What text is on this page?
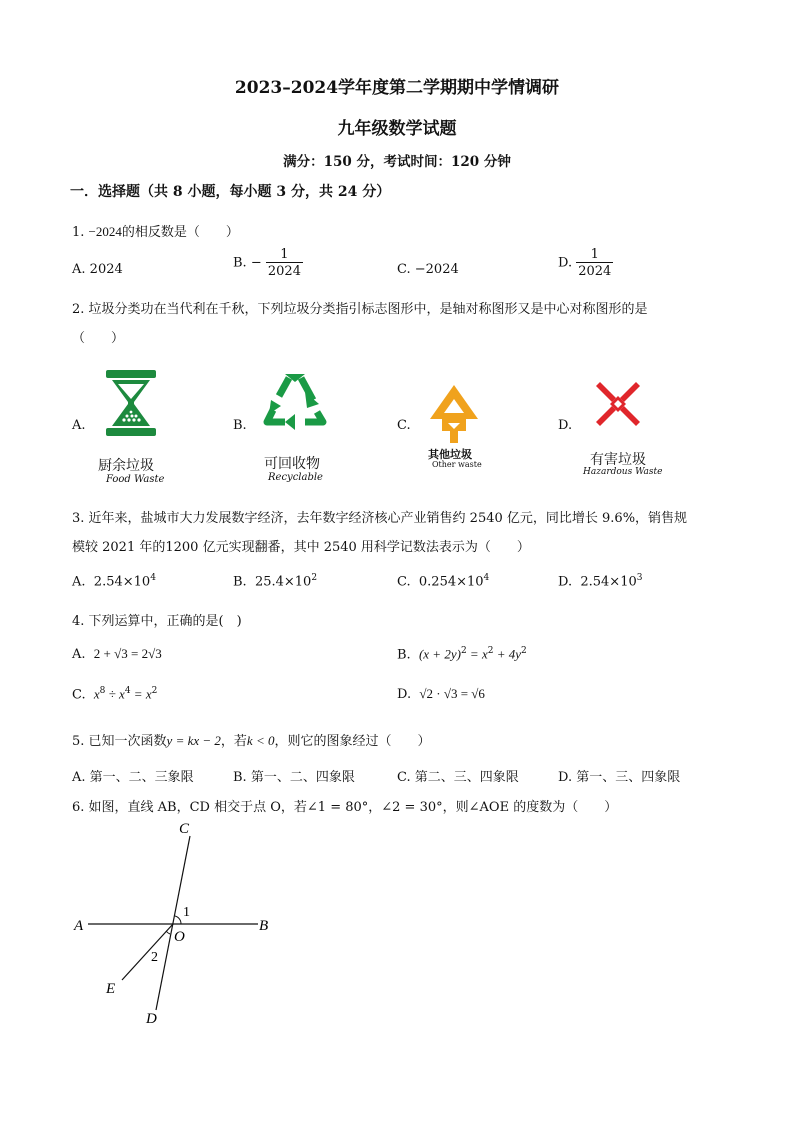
2023–2024学年度第二学期期中学情调研
九年级数学试题
满分：150 分，考试时间：120 分钟
一．选择题（共 8 小题，每小题 3 分，共 24 分）
1. −2024的相反数是（　　）
A. 2024	B. − $\frac{1}{2024}$	C. −2024	D. $\frac{1}{2024}$
2. 垃圾分类功在当代利在千秋，下列垃圾分类指引标志图形中，是轴对称图形又是中心对称图形的是
（　　）
A.	B.	C.	D.
厨余垃圾
Food Waste
可回收物
Recyclable
其他垃圾
Other waste	有害垃圾
Hazardous Waste
3. 近年来，盐城市大力发展数字经济，去年数字经济核心产业销售约 2540 亿元，同比增长 9.6%，销售规
模较 2021 年的1200 亿元实现翻番，其中 2540 用科学记数法表示为（　　）
A. $2.54\times 10^4$	B. $25.4\times 10^2$	C. $0.254\times 10^4$	D. $2.54\times 10^3$
4. 下列运算中，正确的是(　)
A. 2 + √3 = 2√3	B. $(x + 2y)^2 = x^2 + 4y^2$
C. $x^8 \div x^4 = x^2$	D. √2 · √3 = √6
5. 已知一次函数y = kx − 2，若k < 0，则它的图象经过（　　）
A. 第一、二、三象限	B. 第一、二、四象限	C. 第二、三、四象限	D. 第一、三、四象限
6. 如图，直线 AB，CD 相交于点 O，若∠1 = 80°，∠2 = 30°，则∠AOE 的度数为（　　）
C
A	B
O
E
D
1
2
